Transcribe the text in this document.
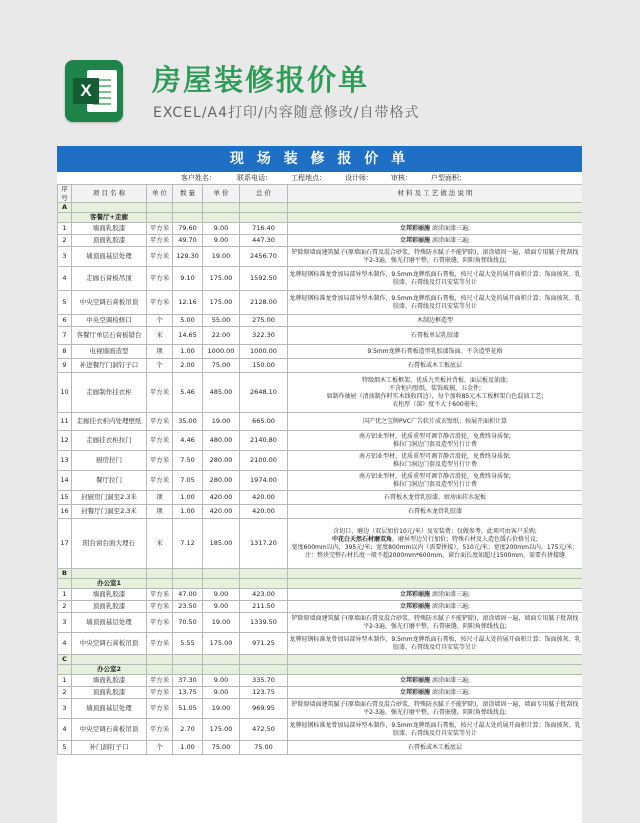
X 房屋装修报价单
EXCEL/A4打印/内容随意修改/自带格式
现 场 装 修 报 价 单
客户姓名：	联系电话：	工程地点：	设计师：	审核：	户型面积：
序号	项 目 名 称	单 位	数 量	单 价	总 价	材 料 及 工 艺 做 法 说 明
A						
	客餐厅+走廊					
1	墙面乳胶漆	平方米	79.60	9.00	716.40	立邦彩丽施 滚涂面漆三遍;
2	顶面乳胶漆	平方米	49.70	9.00	447.30	立邦彩丽施 滚涂面漆三遍;
3	墙顶面基层处理	平方米	129.30	19.00	2456.70	铲除原墙面建筑腻子(原墙面石膏及混合砂浆，特殊防水腻子不能铲除)，滚涂墙固一遍，墙面专用腻子批刮找平2-3遍，强光打磨平整，石膏嵌缝，阴阳角弹线找直;
4	走廊石膏板吊顶	平方米	9.10	175.00	1592.50	龙牌轻钢标准龙骨加局部异型木制作，9.5mm龙牌纸面石膏板，按尺寸最大处的展开面积计算；饰面披灰、乳胶漆、石膏线及灯具安装等另计
5	中央空调石膏板吊顶	平方米	12.16	175.00	2128.00	龙牌轻钢标准龙骨加局部异型木制作，9.5mm龙牌纸面石膏板，按尺寸最大处的展开面积计算；饰面披灰、乳胶漆、石膏线及灯具安装等另计
6	中央空调检修口	个	5.00	55.00	275.00	木制边框造型
7	客餐厅单层石膏板错台	米	14.65	22.00	322.30	石膏板单层乳胶漆
8	电视墙面造型	项	1.00	1000.00	1000.00	9.5mm龙牌石膏板造型乳胶漆饰面、不含造型花格
9	补进餐厅门洞钉子口	个	2.00	75.00	150.00	石膏板或木工板底层
10	走廊制作挂衣柜	平方米	5.46	485.00	2648.10	特级细木工板框架，优质九夹板衬背板，面层板及油漆;
不含柜内壁纸，装饰玻璃，五金件;
如制作抽屉（清油制作时实木线收四边），每个加收85元木工板框架白色混油工艺;
衣柜厚（深）度不大于600毫米;
11	走廊挂衣柜内处理壁纸	平方米	35.00	19.00	665.00	国产优之宝牌PVC广告软片成衣壁纸；按展开面积计算
12	走廊挂衣柜拉门	平方米	4.46	480.00	2140.80	南方铝业型材，优质重型可调节静音滑轮，免费终身质保;
推拉门洞边门套及造型另行计费
13	厨房拉门	平方米	7.50	280.00	2100.00	南方铝业型材，优质重型可调节静音滑轮，免费终身质保;
推拉门洞边门套及造型另行计费
14	餐厅拉门	平方米	7.05	280.00	1974.00	南方铝业型材，优质重型可调节静音滑轮，免费终身质保;
推拉门洞边门套及造型另行计费
15	封厨房门洞至2.3米	项	1.00	420.00	420.00	石膏板木龙骨乳胶漆，厨房面挂水泥板
16	封餐厅门洞至2.3米	项	1.00	420.00	420.00	石膏板木龙骨乳胶漆
17	阳台窗台面大理石	米	7.12	185.00	1317.20	含切口、磨边（双层加价10元/米）及安装费；仅做参考，此项可由客户采购;
中花白天然石材磨双角，磨异型边另行加价；特殊石材及人造色缓石价格另议;
宽度600mm以内，395元/米；宽度800mm以内（需要拼接），510元/米；宽度200mm以内，175元/米；注：整块完整石材长度一般不超2000mm*600mm，窗台面长度如超过1500mm，需要有拼接缝
B						
	办公室1					
1	墙面乳胶漆	平方米	47.00	9.00	423.00	立邦彩丽施 滚涂面漆三遍;
2	顶面乳胶漆	平方米	23.50	9.00	211.50	立邦彩丽施 滚涂面漆三遍;
3	墙顶面基层处理	平方米	70.50	19.00	1339.50	铲除原墙面建筑腻子(原墙面石膏及混合砂浆，特殊防水腻子不能铲除)，滚涂墙固一遍，墙面专用腻子批刮找平2-3遍，强光打磨平整，石膏嵌缝，阴阳角弹线找直;
4	中央空调石膏板吊顶	平方米	5.55	175.00	971.25	龙牌轻钢标准龙骨加局部异型木制作，9.5mm龙牌纸面石膏板，按尺寸最大处的展开面积计算；饰面披灰、乳胶漆、石膏线及灯具安装等另计
C						
	办公室2					
1	墙面乳胶漆	平方米	37.30	9.00	335.70	立邦彩丽施 滚涂面漆三遍;
2	顶面乳胶漆	平方米	13.75	9.00	123.75	立邦彩丽施 滚涂面漆三遍;
3	墙顶面基层处理	平方米	51.05	19.00	969.95	铲除原墙面建筑腻子(原墙面石膏及混合砂浆，特殊防水腻子不能铲除)，滚涂墙固一遍，墙面专用腻子批刮找平2-3遍，强光打磨平整，石膏嵌缝，阴阳角弹线找直;
4	中央空调石膏板吊顶	平方米	2.70	175.00	472.50	龙牌轻钢标准龙骨加局部异型木制作，9.5mm龙牌纸面石膏板，按尺寸最大处的展开面积计算；饰面披灰、乳胶漆、石膏线及灯具安装等另计
5	补门洞钉子口	个	1.00	75.00	75.00	石膏板或木工板底层
